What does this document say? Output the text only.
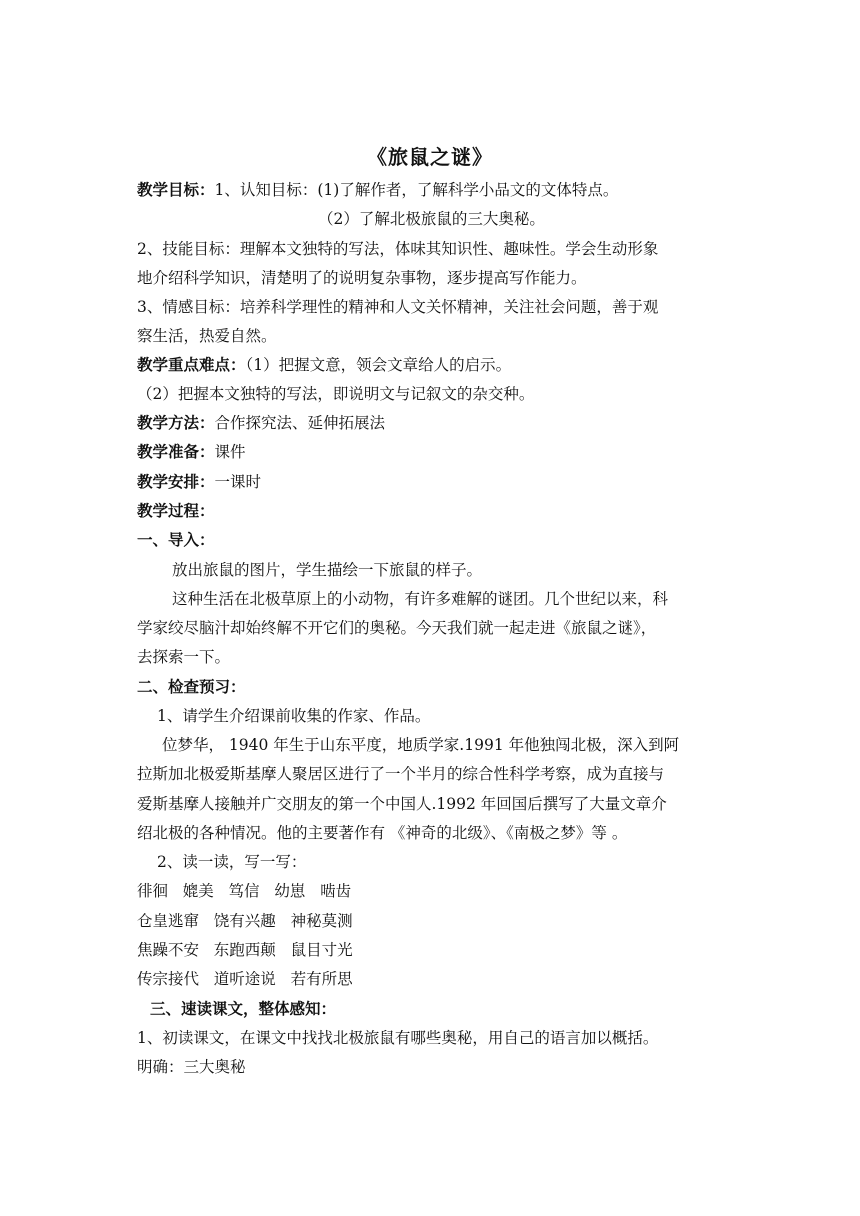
《旅鼠之谜》
教学目标：1、认知目标：(1)了解作者，了解科学小品文的文体特点。
（2）了解北极旅鼠的三大奥秘。
2、技能目标：理解本文独特的写法，体味其知识性、趣味性。学会生动形象
地介绍科学知识，清楚明了的说明复杂事物，逐步提高写作能力。
3、情感目标：培养科学理性的精神和人文关怀精神，关注社会问题，善于观
察生活，热爱自然。
教学重点难点：（1）把握文意，领会文章给人的启示。
（2）把握本文独特的写法，即说明文与记叙文的杂交种。
教学方法：合作探究法、延伸拓展法
教学准备：课件
教学安排：一课时
教学过程：
一、导入：
放出旅鼠的图片，学生描绘一下旅鼠的样子。
这种生活在北极草原上的小动物，有许多难解的谜团。几个世纪以来，科
学家绞尽脑汁却始终解不开它们的奥秘。今天我们就一起走进《旅鼠之谜》，
去探索一下。
二、检查预习：
1、请学生介绍课前收集的作家、作品。
位梦华， 1940 年生于山东平度，地质学家.1991 年他独闯北极，深入到阿
拉斯加北极爱斯基摩人聚居区进行了一个半月的综合性科学考察，成为直接与
爱斯基摩人接触并广交朋友的第一个中国人.1992 年回国后撰写了大量文章介
绍北极的各种情况。他的主要著作有 《神奇的北级》、《南极之梦》等 。
2、读一读，写一写：
徘徊   媲美   笃信   幼崽   啮齿
仓皇逃窜   饶有兴趣   神秘莫测
焦躁不安   东跑西颠   鼠目寸光
传宗接代   道听途说   若有所思
三、速读课文，整体感知：
1、初读课文，在课文中找找北极旅鼠有哪些奥秘，用自己的语言加以概括。
明确：三大奥秘
